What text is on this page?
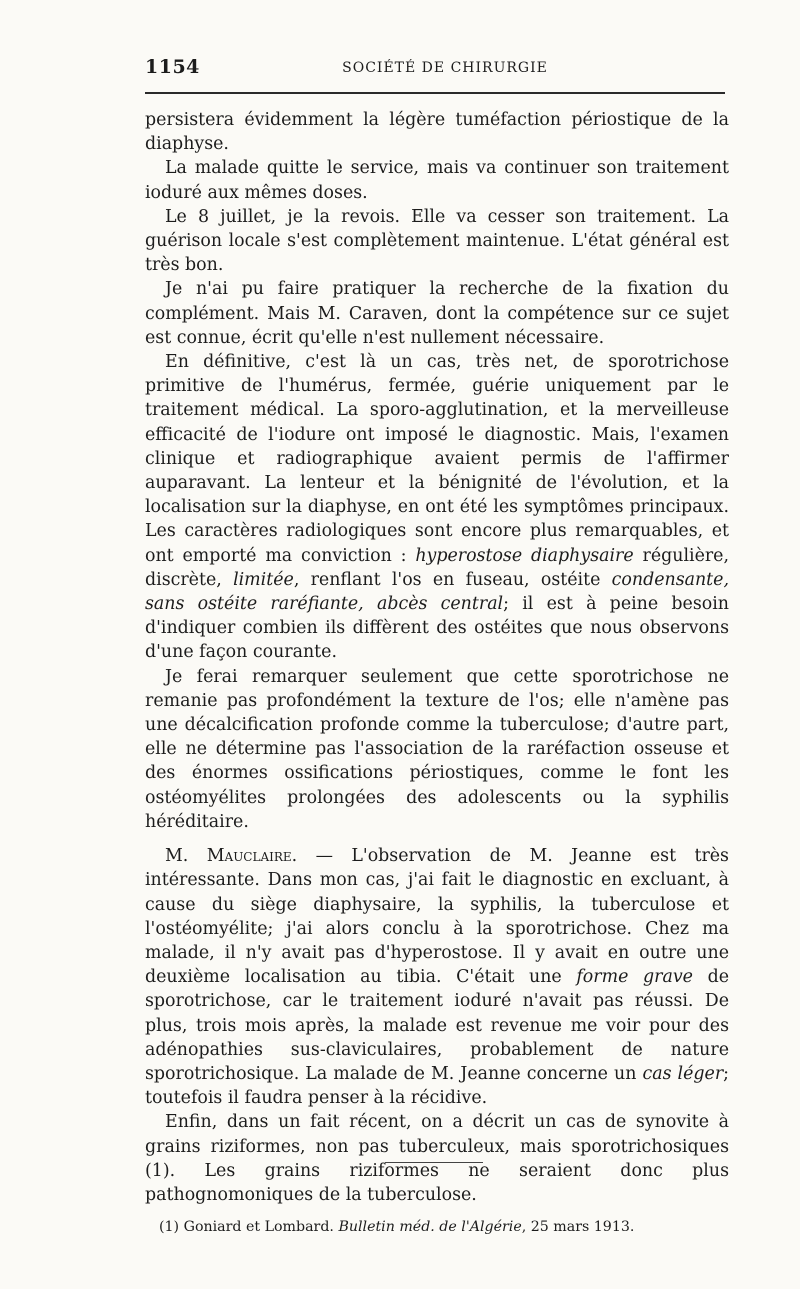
1154	SOCIÉTÉ DE CHIRURGIE

persistera évidemment la légère tuméfaction périostique de la diaphyse.

La malade quitte le service, mais va continuer son traitement ioduré aux mêmes doses.

Le 8 juillet, je la revois. Elle va cesser son traitement. La guérison locale s'est complètement maintenue. L'état général est très bon.

Je n'ai pu faire pratiquer la recherche de la fixation du complément. Mais M. Caraven, dont la compétence sur ce sujet est connue, écrit qu'elle n'est nullement nécessaire.

En définitive, c'est là un cas, très net, de sporotrichose primitive de l'humérus, fermée, guérie uniquement par le traitement médical. La sporo-agglutination, et la merveilleuse efficacité de l'iodure ont imposé le diagnostic. Mais, l'examen clinique et radiographique avaient permis de l'affirmer auparavant. La lenteur et la bénignité de l'évolution, et la localisation sur la diaphyse, en ont été les symptômes principaux. Les caractères radiologiques sont encore plus remarquables, et ont emporté ma conviction : hyperostose diaphysaire régulière, discrète, limitée, renflant l'os en fuseau, ostéite condensante, sans ostéite raréfiante, abcès central; il est à peine besoin d'indiquer combien ils diffèrent des ostéites que nous observons d'une façon courante.

Je ferai remarquer seulement que cette sporotrichose ne remanie pas profondément la texture de l'os; elle n'amène pas une décalcification profonde comme la tuberculose; d'autre part, elle ne détermine pas l'association de la raréfaction osseuse et des énormes ossifications périostiques, comme le font les ostéomyélites prolongées des adolescents ou la syphilis héréditaire.

M. Mauclaire. — L'observation de M. Jeanne est très intéressante. Dans mon cas, j'ai fait le diagnostic en excluant, à cause du siège diaphysaire, la syphilis, la tuberculose et l'ostéomyélite; j'ai alors conclu à la sporotrichose. Chez ma malade, il n'y avait pas d'hyperostose. Il y avait en outre une deuxième localisation au tibia. C'était une forme grave de sporotrichose, car le traitement ioduré n'avait pas réussi. De plus, trois mois après, la malade est revenue me voir pour des adénopathies sus-claviculaires, probablement de nature sporotrichosique. La malade de M. Jeanne concerne un cas léger; toutefois il faudra penser à la récidive.

Enfin, dans un fait récent, on a décrit un cas de synovite à grains riziformes, non pas tuberculeux, mais sporotrichosiques (1). Les grains riziformes ne seraient donc plus pathognomoniques de la tuberculose.

(1) Goniard et Lombard. Bulletin méd. de l'Algérie, 25 mars 1913.
